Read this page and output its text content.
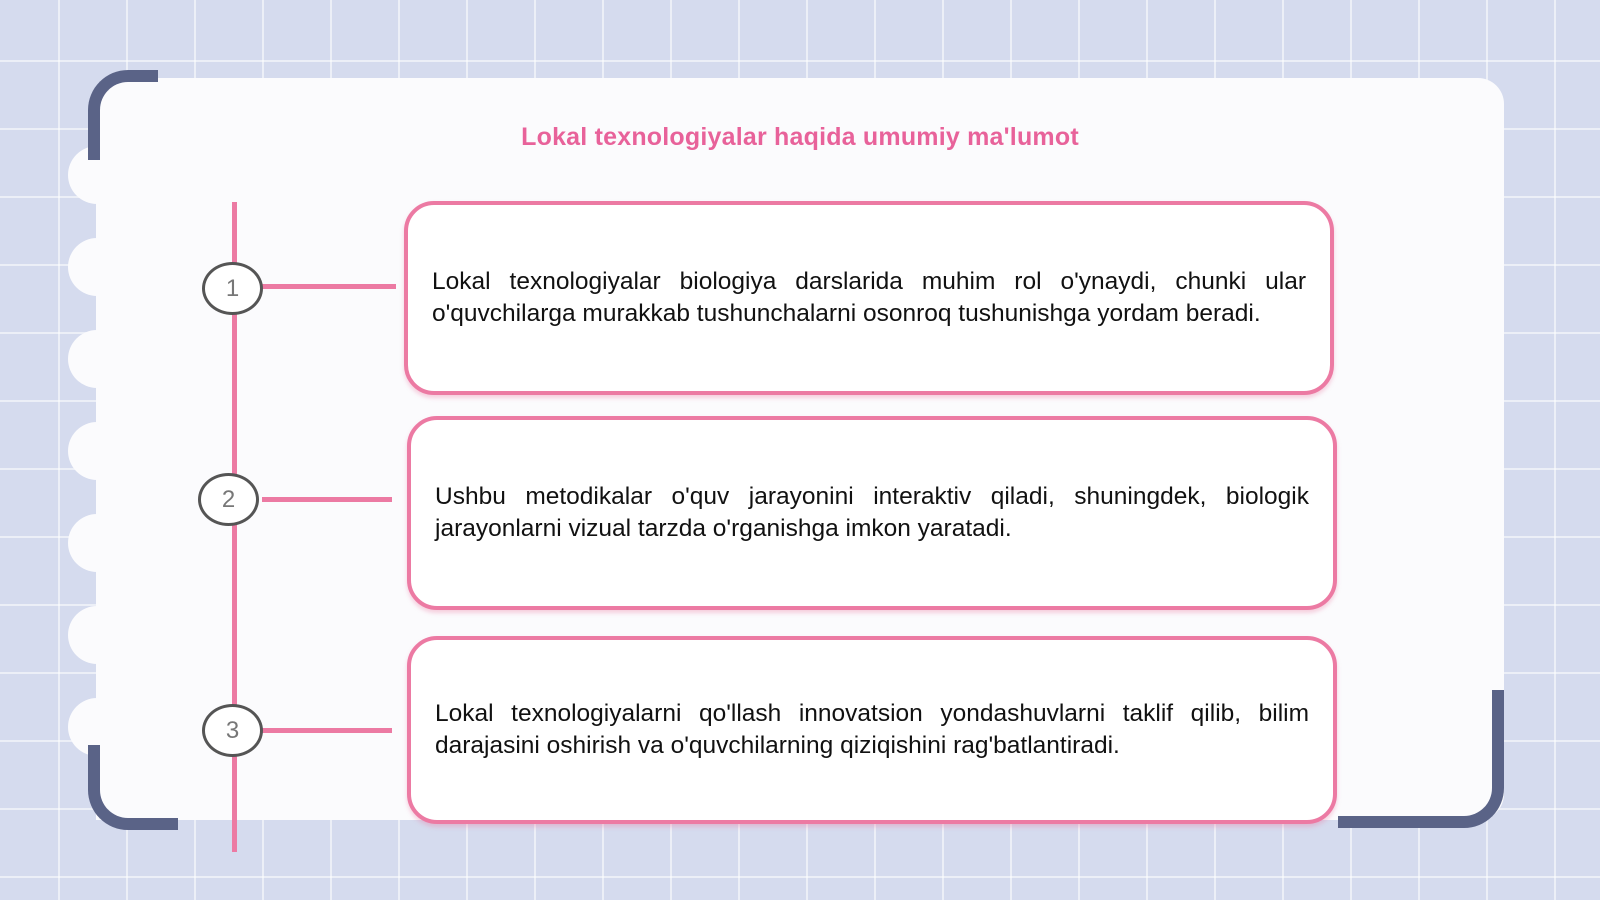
Lokal texnologiyalar haqida umumiy ma'lumot
1	Lokal texnologiyalar biologiya darslarida muhim rol o'ynaydi, chunki ular o'quvchilarga murakkab tushunchalarni osonroq tushunishga yordam beradi.

2	Ushbu metodikalar o'quv jarayonini interaktiv qiladi, shuningdek, biologik jarayonlarni vizual tarzda o'rganishga imkon yaratadi.

3

Lokal texnologiyalarni qo'llash innovatsion yondashuvlarni taklif qilib, bilim darajasini oshirish va o'quvchilarning qiziqishini rag'batlantiradi.
